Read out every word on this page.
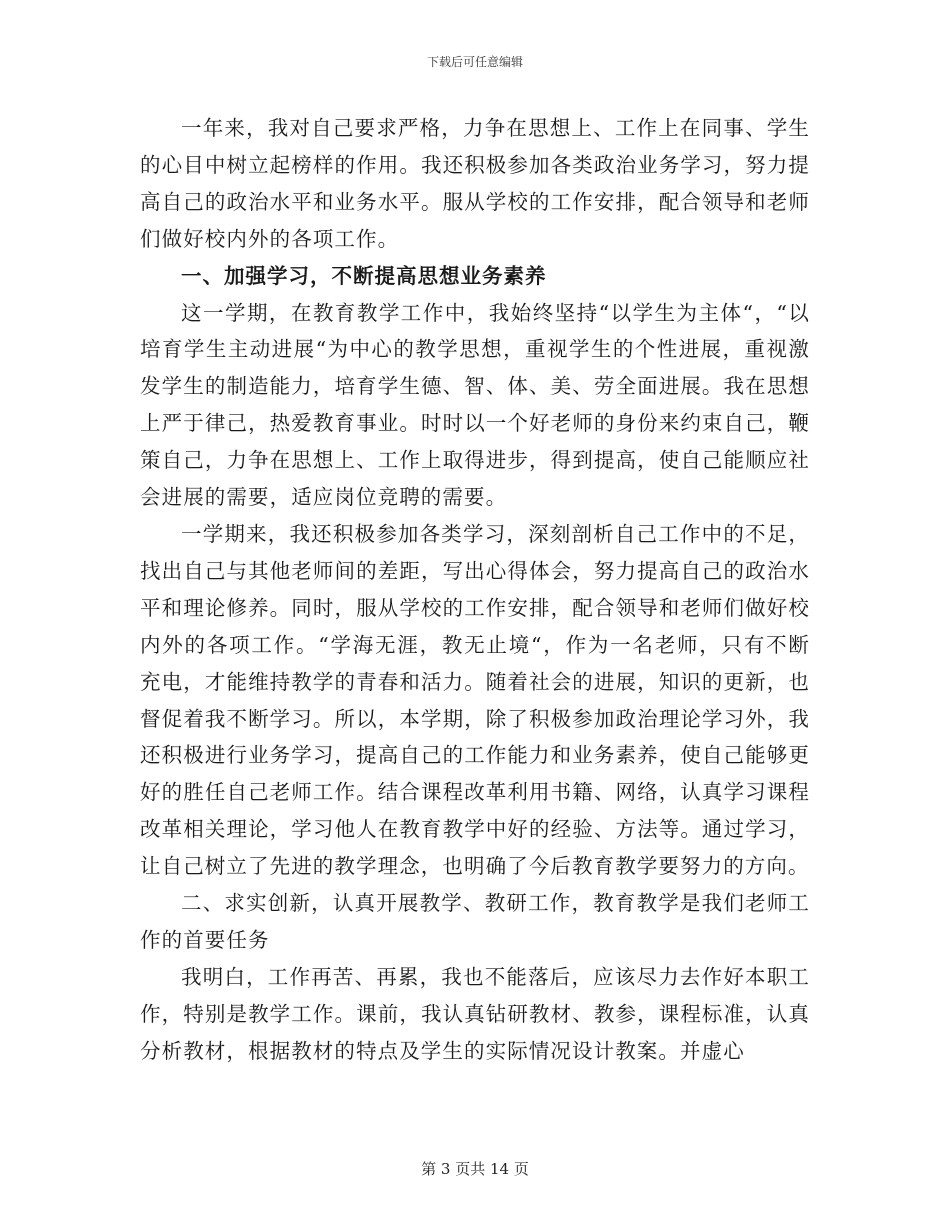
下载后可任意编辑

一年来，我对自己要求严格，力争在思想上、工作上在同事、学生的心目中树立起榜样的作用。我还积极参加各类政治业务学习，努力提高自己的政治水平和业务水平。服从学校的工作安排，配合领导和老师们做好校内外的各项工作。

一、加强学习，不断提高思想业务素养

这一学期，在教育教学工作中，我始终坚持“以学生为主体“，“以培育学生主动进展“为中心的教学思想，重视学生的个性进展，重视激发学生的制造能力，培育学生德、智、体、美、劳全面进展。我在思想上严于律己，热爱教育事业。时时以一个好老师的身份来约束自己，鞭策自己，力争在思想上、工作上取得进步，得到提高，使自己能顺应社会进展的需要，适应岗位竞聘的需要。

一学期来，我还积极参加各类学习，深刻剖析自己工作中的不足，找出自己与其他老师间的差距，写出心得体会，努力提高自己的政治水平和理论修养。同时，服从学校的工作安排，配合领导和老师们做好校内外的各项工作。“学海无涯，教无止境“，作为一名老师，只有不断充电，才能维持教学的青春和活力。随着社会的进展，知识的更新，也督促着我不断学习。所以，本学期，除了积极参加政治理论学习外，我还积极进行业务学习，提高自己的工作能力和业务素养，使自己能够更好的胜任自己老师工作。结合课程改革利用书籍、网络，认真学习课程改革相关理论，学习他人在教育教学中好的经验、方法等。通过学习，让自己树立了先进的教学理念，也明确了今后教育教学要努力的方向。

二、求实创新，认真开展教学、教研工作，教育教学是我们老师工作的首要任务

我明白，工作再苦、再累，我也不能落后，应该尽力去作好本职工作，特别是教学工作。课前，我认真钻研教材、教参，课程标准，认真分析教材，根据教材的特点及学生的实际情况设计教案。并虚心

第 3 页共 14 页
